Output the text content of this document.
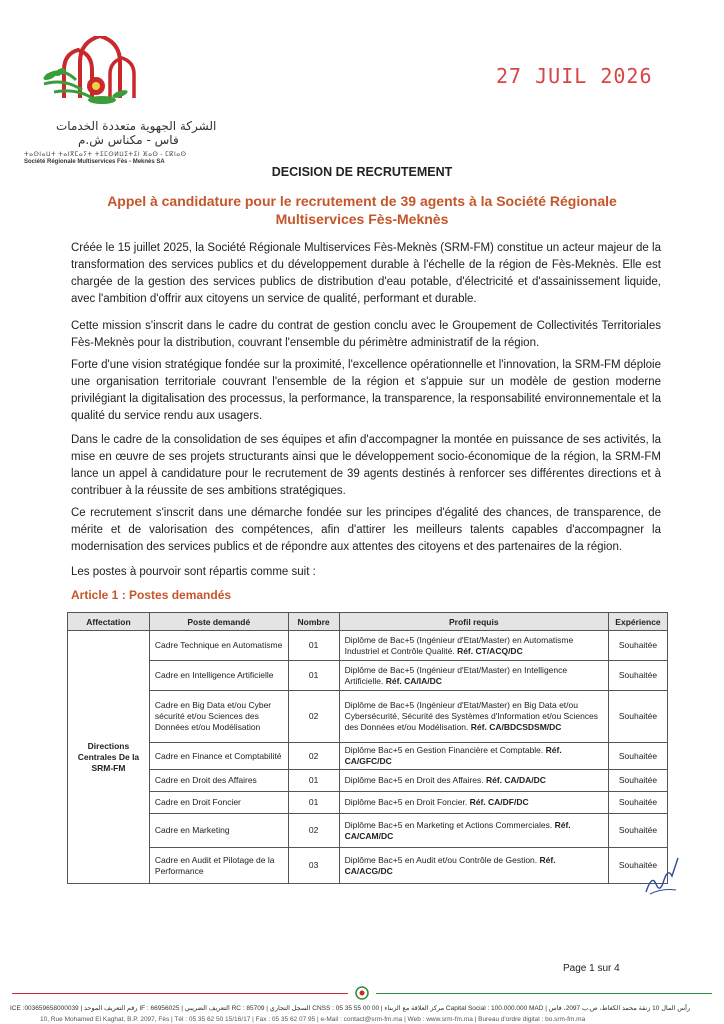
الشركة الجهوية متعددة الخدمات
فاس - مكناس ش.م
ⵜⴰⵙⵏⴰⵡⵜ ⵜⴰⵏⴳⵎⴰⵢⵜ ⵜⵉⵎⵙⵍⵡⵉⵜⵉⵏ ⴼⴰⵙ - ⵎⴽⵏⴰⵙ
Société Régionale Multiservices Fès - Meknès SA
27 JUIL 2026
DECISION DE RECRUTEMENT
Appel à candidature pour le recrutement de 39 agents à la Société Régionale Multiservices Fès-Meknès

Créée le 15 juillet 2025, la Société Régionale Multiservices Fès-Meknès (SRM-FM) constitue un acteur majeur de la transformation des services publics et du développement durable à l'échelle de la région de Fès-Meknès. Elle est chargée de la gestion des services publics de distribution d'eau potable, d'électricité et d'assainissement liquide, avec l'ambition d'offrir aux citoyens un service de qualité, performant et durable.

Cette mission s'inscrit dans le cadre du contrat de gestion conclu avec le Groupement de Collectivités Territoriales Fès-Meknès pour la distribution, couvrant l'ensemble du périmètre administratif de la région.

Forte d'une vision stratégique fondée sur la proximité, l'excellence opérationnelle et l'innovation, la SRM-FM déploie une organisation territoriale couvrant l'ensemble de la région et s'appuie sur un modèle de gestion moderne privilégiant la digitalisation des processus, la performance, la transparence, la responsabilité environnementale et la qualité du service rendu aux usagers.

Dans le cadre de la consolidation de ses équipes et afin d'accompagner la montée en puissance de ses activités, la mise en œuvre de ses projets structurants ainsi que le développement socio-économique de la région, la SRM-FM lance un appel à candidature pour le recrutement de 39 agents destinés à renforcer ses différentes directions et à contribuer à la réussite de ses ambitions stratégiques.

Ce recrutement s'inscrit dans une démarche fondée sur les principes d'égalité des chances, de transparence, de mérite et de valorisation des compétences, afin d'attirer les meilleurs talents capables d'accompagner la modernisation des services publics et de répondre aux attentes des citoyens et des partenaires de la région.

Les postes à pourvoir sont répartis comme suit :

Article 1 : Postes demandés
Affectation	Poste demandé	Nombre	Profil requis	Expérience
Directions Centrales De la SRM-FM	Cadre Technique en Automatisme	01	Diplôme de Bac+5 (Ingénieur d'Etat/Master) en Automatisme Industriel et Contrôle Qualité. Réf. CT/ACQ/DC	Souhaitée
	Cadre en Intelligence Artificielle	01	Diplôme de Bac+5 (Ingénieur d'Etat/Master) en Intelligence Artificielle. Réf. CA/IA/DC	Souhaitée
	Cadre en Big Data et/ou Cyber sécurité et/ou Sciences des Données et/ou Modélisation	02	Diplôme de Bac+5 (Ingénieur d'Etat/Master) en Big Data et/ou Cybersécurité, Sécurité des Systèmes d'Information et/ou Sciences des Données et/ou Modélisation. Réf. CA/BDCSDSM/DC	Souhaitée
	Cadre en Finance et Comptabilité	02	Diplôme Bac+5 en Gestion Financière et Comptable. Réf. CA/GFC/DC	Souhaitée
	Cadre en Droit des Affaires	01	Diplôme Bac+5 en Droit des Affaires. Réf. CA/DA/DC	Souhaitée
	Cadre en Droit Foncier	01	Diplôme Bac+5 en Droit Foncier. Réf. CA/DF/DC	Souhaitée
	Cadre en Marketing	02	Diplôme Bac+5 en Marketing et Actions Commerciales. Réf. CA/CAM/DC	Souhaitée
	Cadre en Audit et Pilotage de la Performance	03	Diplôme Bac+5 en Audit et/ou Contrôle de Gestion. Réf. CA/ACG/DC	Souhaitée
Page 1 sur 4
ICE :003659658000039 | رقم التعريف الموحد IF : 66956025 | التعريف الضريبي RC : 85709 | السجل التجاري CNSS : 05 35 55 00 00 | مركز العلاقة مع الزبناء Capital Social : 100.000.000 MAD | رأس المال 10 زنقة محمد الكغاط، ص.ب 2097، فاس
10, Rue Mohamed El Kaghat, B.P. 2097, Fès | Tél : 05 35 62 50 15/16/17 | Fax : 05 35 62 07 95 | e-Mail : contact@srm-fm.ma | Web : www.srm-fm.ma | Bureau d'ordre digital : bo.srm-fm.ma
